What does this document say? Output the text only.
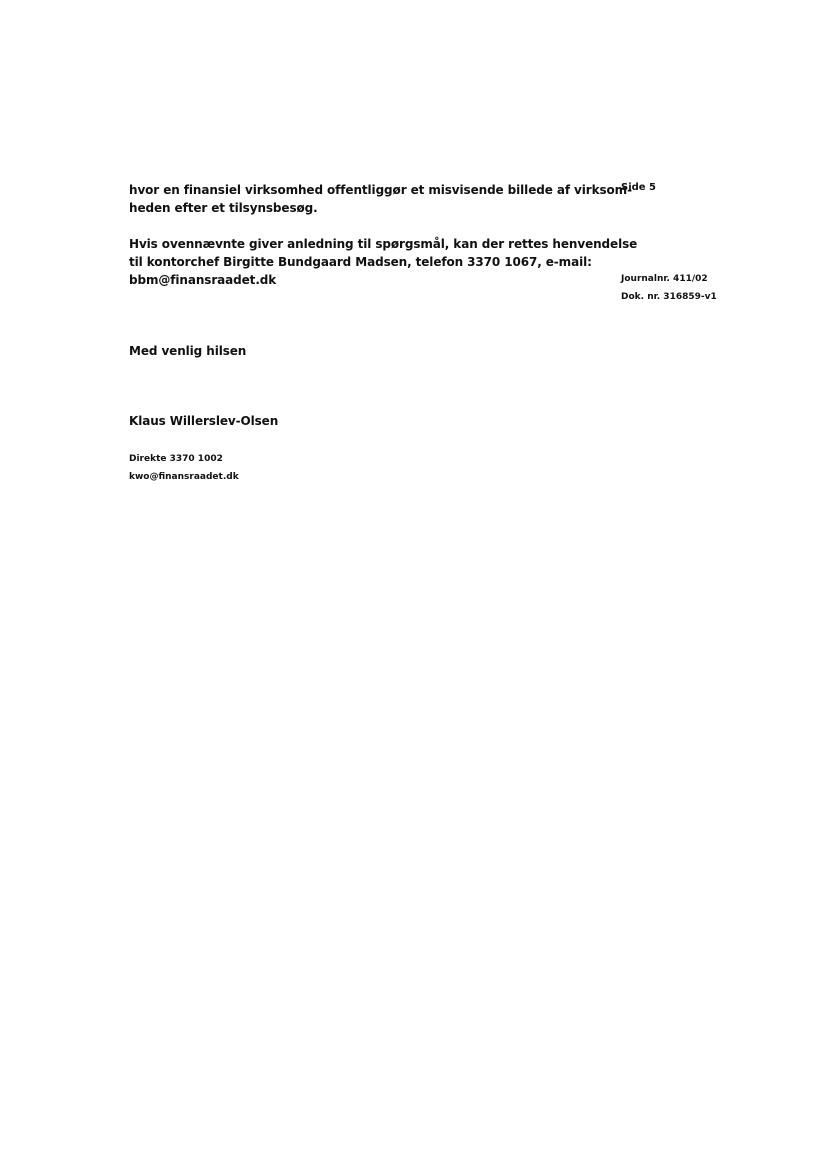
Side 5
hvor en finansiel virksomhed offentliggør et misvisende billede af virksom-
heden efter et tilsynsbesøg.
Hvis ovennævnte giver anledning til spørgsmål, kan der rettes henvendelse
til kontorchef Birgitte Bundgaard Madsen, telefon 3370 1067, e-mail:
bbm@finansraadet.dk	Journalnr. 411/02
Dok. nr. 316859-v1
Med venlig hilsen
Klaus Willerslev-Olsen
Direkte 3370 1002
kwo@finansraadet.dk
